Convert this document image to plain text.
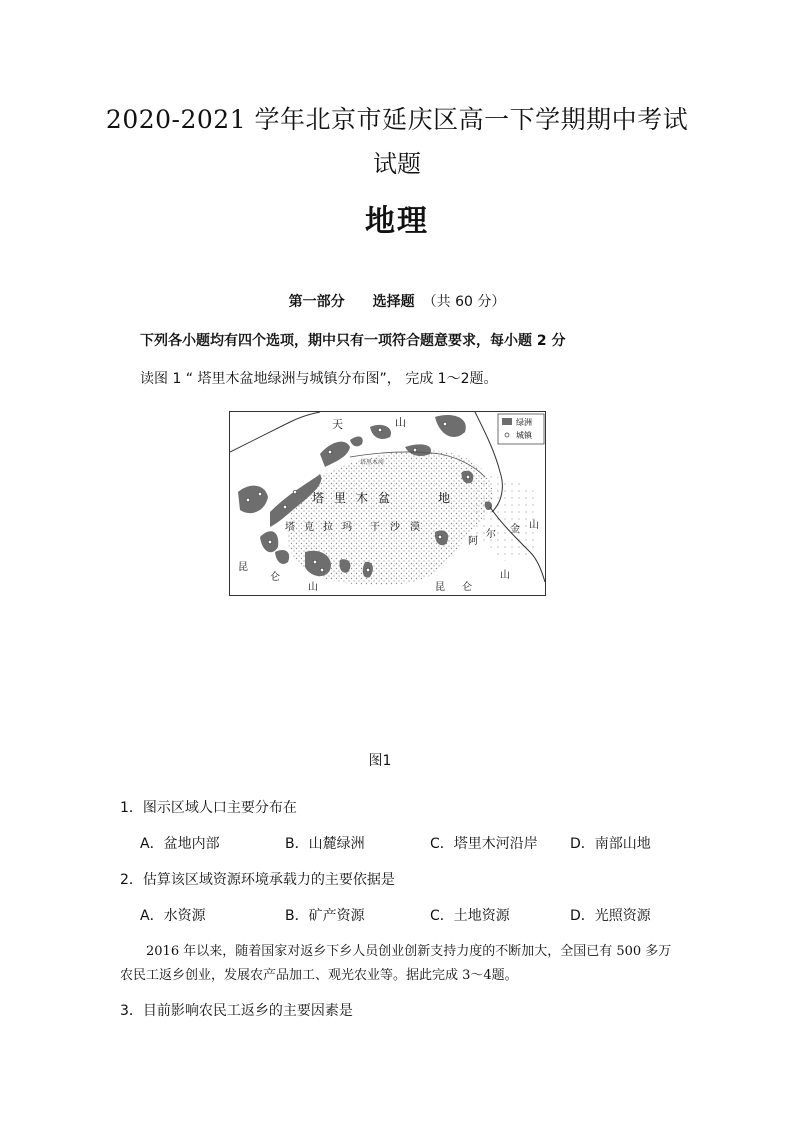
2020-2021 学年北京市延庆区高一下学期期中考试
试题
地理
第一部分 选择题 （共 60 分）
下列各小题均有四个选项，期中只有一项符合题意要求，每小题 2 分
读图 1 “ 塔里木盆地绿洲与城镇分布图”， 完成 1～2题。
绿洲
城镇
天	山
塔里木河
塔 里 木 盆	地
塔 克 拉 玛 干 沙 漠
昆
仑
山
阿
尔 金 山
昆 仑
山
图1
1．图示区域人口主要分布在
A．盆地内部	B．山麓绿洲	C．塔里木河沿岸	D．南部山地
2．估算该区域资源环境承载力的主要依据是
A．水资源	B．矿产资源	C．土地资源	D．光照资源
2016 年以来，随着国家对返乡下乡人员创业创新支持力度的不断加大，全国已有 500 多万农民工返乡创业，发展农产品加工、观光农业等。据此完成 3～4题。
3．目前影响农民工返乡的主要因素是
